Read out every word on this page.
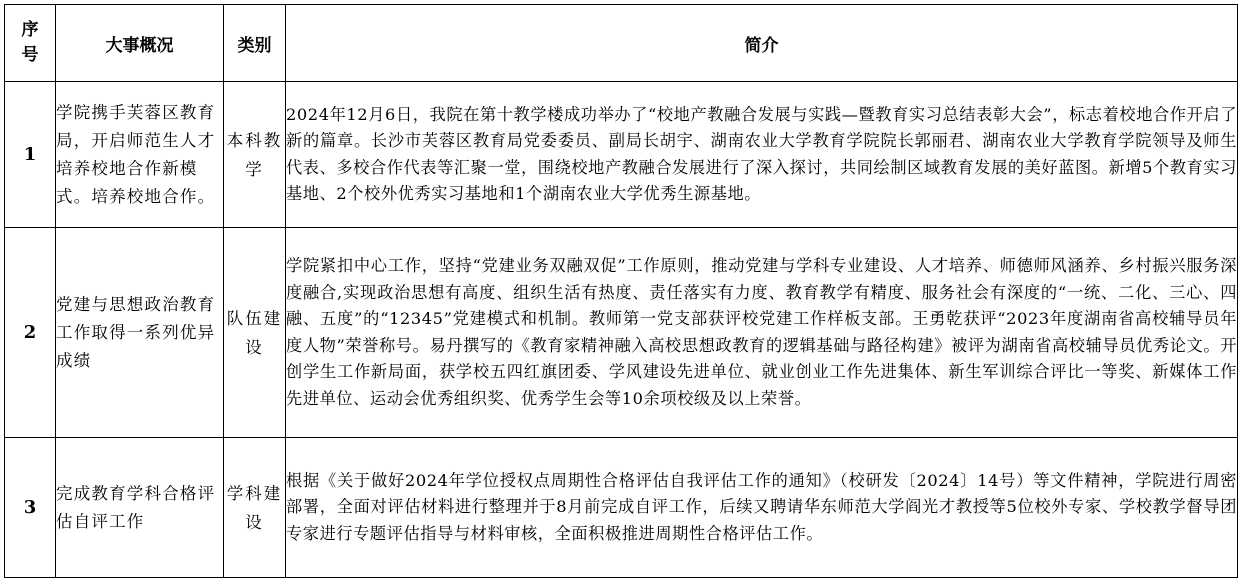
序号	大事概况	类别	简介
1	学院携手芙蓉区教育局，开启师范生人才培养校地合作新模式。培养校地合作。	本科教学	2024年12月6日，我院在第十教学楼成功举办了“校地产教融合发展与实践—暨教育实习总结表彰大会”，标志着校地合作开启了新的篇章。长沙市芙蓉区教育局党委委员、副局长胡宇、湖南农业大学教育学院院长郭丽君、湖南农业大学教育学院领导及师生代表、多校合作代表等汇聚一堂，围绕校地产教融合发展进行了深入探讨，共同绘制区域教育发展的美好蓝图。新增5个教育实习基地、2个校外优秀实习基地和1个湖南农业大学优秀生源基地。
2	党建与思想政治教育工作取得一系列优异成绩	队伍建设	学院紧扣中心工作，坚持“党建业务双融双促”工作原则，推动党建与学科专业建设、人才培养、师德师风涵养、乡村振兴服务深度融合,实现政治思想有高度、组织生活有热度、责任落实有力度、教育教学有精度、服务社会有深度的“一统、二化、三心、四融、五度”的“12345”党建模式和机制。教师第一党支部获评校党建工作样板支部。王勇乾获评“2023年度湖南省高校辅导员年度人物”荣誉称号。易丹撰写的《教育家精神融入高校思想政教育的逻辑基础与路径构建》被评为湖南省高校辅导员优秀论文。开创学生工作新局面，获学校五四红旗团委、学风建设先进单位、就业创业工作先进集体、新生军训综合评比一等奖、新媒体工作先进单位、运动会优秀组织奖、优秀学生会等10余项校级及以上荣誉。
3	完成教育学科合格评估自评工作	学科建设	根据《关于做好2024年学位授权点周期性合格评估自我评估工作的通知》（校研发〔2024〕14号）等文件精神，学院进行周密部署，全面对评估材料进行整理并于8月前完成自评工作，后续又聘请华东师范大学阎光才教授等5位校外专家、学校教学督导团专家进行专题评估指导与材料审核，全面积极推进周期性合格评估工作。
